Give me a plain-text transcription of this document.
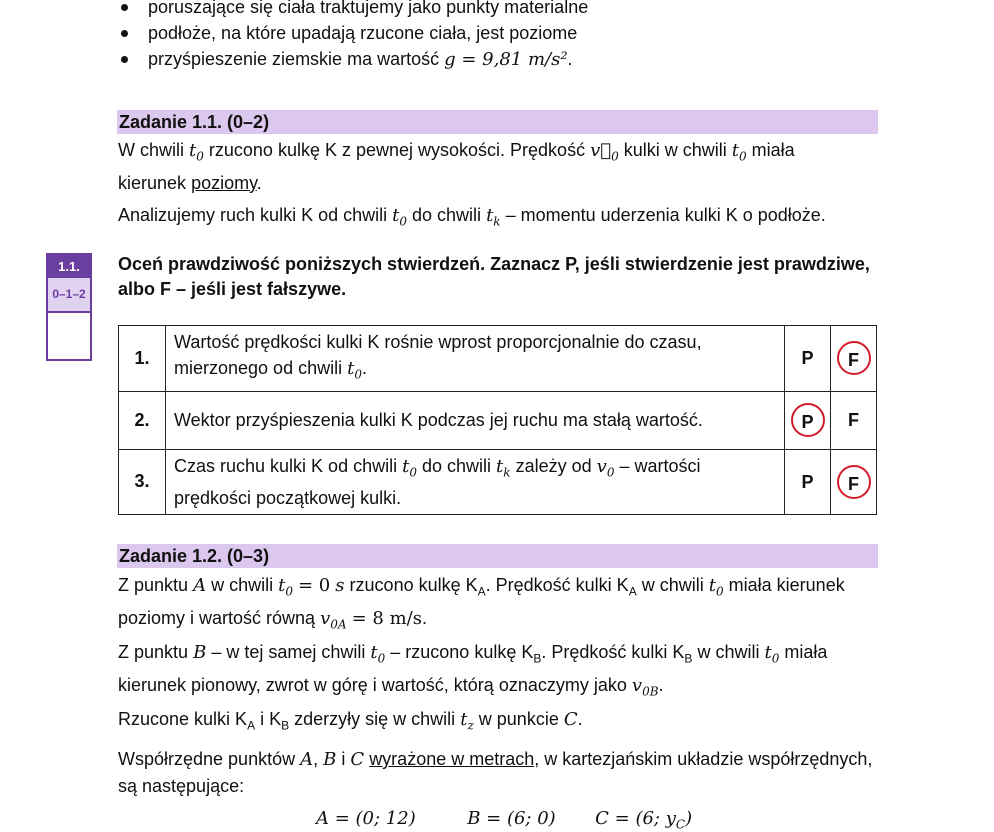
poruszające się ciała traktujemy jako punkty materialne
podłoże, na które upadają rzucone ciała, jest poziome
przyśpieszenie ziemskie ma wartość g = 9,81 m/s².
Zadanie 1.1. (0–2)
W chwili $t_0$ rzucono kulkę K z pewnej wysokości. Prędkość $v⃗_0$ kulki w chwili $t_0$ miała
kierunek poziomy.
Analizujemy ruch kulki K od chwili $t_0$ do chwili $t_k$ – momentu uderzenia kulki K o podłoże.
1.1.
0–1–2
Oceń prawdziwość poniższych stwierdzeń. Zaznacz P, jeśli stwierdzenie jest prawdziwe, albo F – jeśli jest fałszywe.
1.	Wartość prędkości kulki K rośnie wprost proporcjonalnie do czasu,
mierzonego od chwili $t_0$.	P	F
2.	Wektor przyśpieszenia kulki K podczas jej ruchu ma stałą wartość.	P	F
3.	Czas ruchu kulki K od chwili $t_0$ do chwili $t_k$ zależy od $v_0$ – wartości
prędkości początkowej kulki.	P	F
Zadanie 1.2. (0–3)
Z punktu A w chwili $t_0 = 0$ s rzucono kulkę $K_A$. Prędkość kulki $K_A$ w chwili $t_0$ miała kierunek
poziomy i wartość równą $v_{0A} = 8$ m/s.
Z punktu B – w tej samej chwili $t_0$ – rzucono kulkę $K_B$. Prędkość kulki $K_B$ w chwili $t_0$ miała
kierunek pionowy, zwrot w górę i wartość, którą oznaczymy jako $v_{0B}$.
Rzucone kulki $K_A$ i $K_B$ zderzyły się w chwili $t_z$ w punkcie C.
Współrzędne punktów A, B i C wyrażone w metrach, w kartezjańskim układzie współrzędnych,
są następujące:
A = (0; 12)	B = (6; 0) C = (6; $y_C$)
